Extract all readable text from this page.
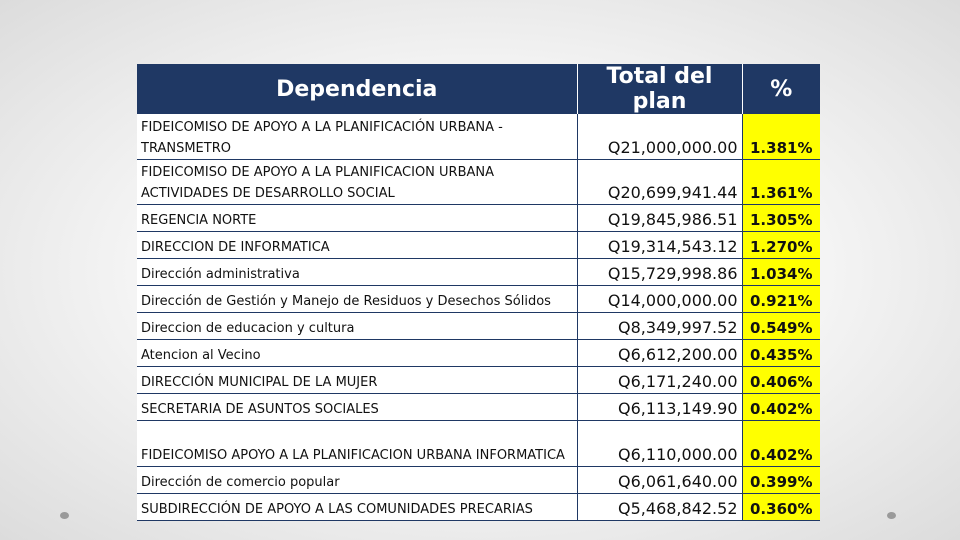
Dependencia	Total del plan	%

FIDEICOMISO DE APOYO A LA PLANIFICACIÓN URBANA -
TRANSMETRO	Q21,000,000.00	1.381%

FIDEICOMISO DE APOYO A LA PLANIFICACION URBANA
ACTIVIDADES DE DESARROLLO SOCIAL	Q20,699,941.44	1.361%

REGENCIA NORTE	Q19,845,986.51	1.305%

DIRECCION DE INFORMATICA	Q19,314,543.12	1.270%

Dirección administrativa	Q15,729,998.86	1.034%

Dirección de Gestión y Manejo de Residuos y Desechos Sólidos	Q14,000,000.00	0.921%

Direccion de educacion y cultura	Q8,349,997.52	0.549%

Atencion al Vecino	Q6,612,200.00	0.435%

DIRECCIÓN MUNICIPAL DE LA MUJER	Q6,171,240.00	0.406%

SECRETARIA DE ASUNTOS SOCIALES	Q6,113,149.90	0.402%

FIDEICOMISO APOYO A LA PLANIFICACION URBANA INFORMATICA	Q6,110,000.00	0.402%

Dirección de comercio popular	Q6,061,640.00	0.399%

SUBDIRECCIÓN DE APOYO A LAS COMUNIDADES PRECARIAS	Q5,468,842.52	0.360%
